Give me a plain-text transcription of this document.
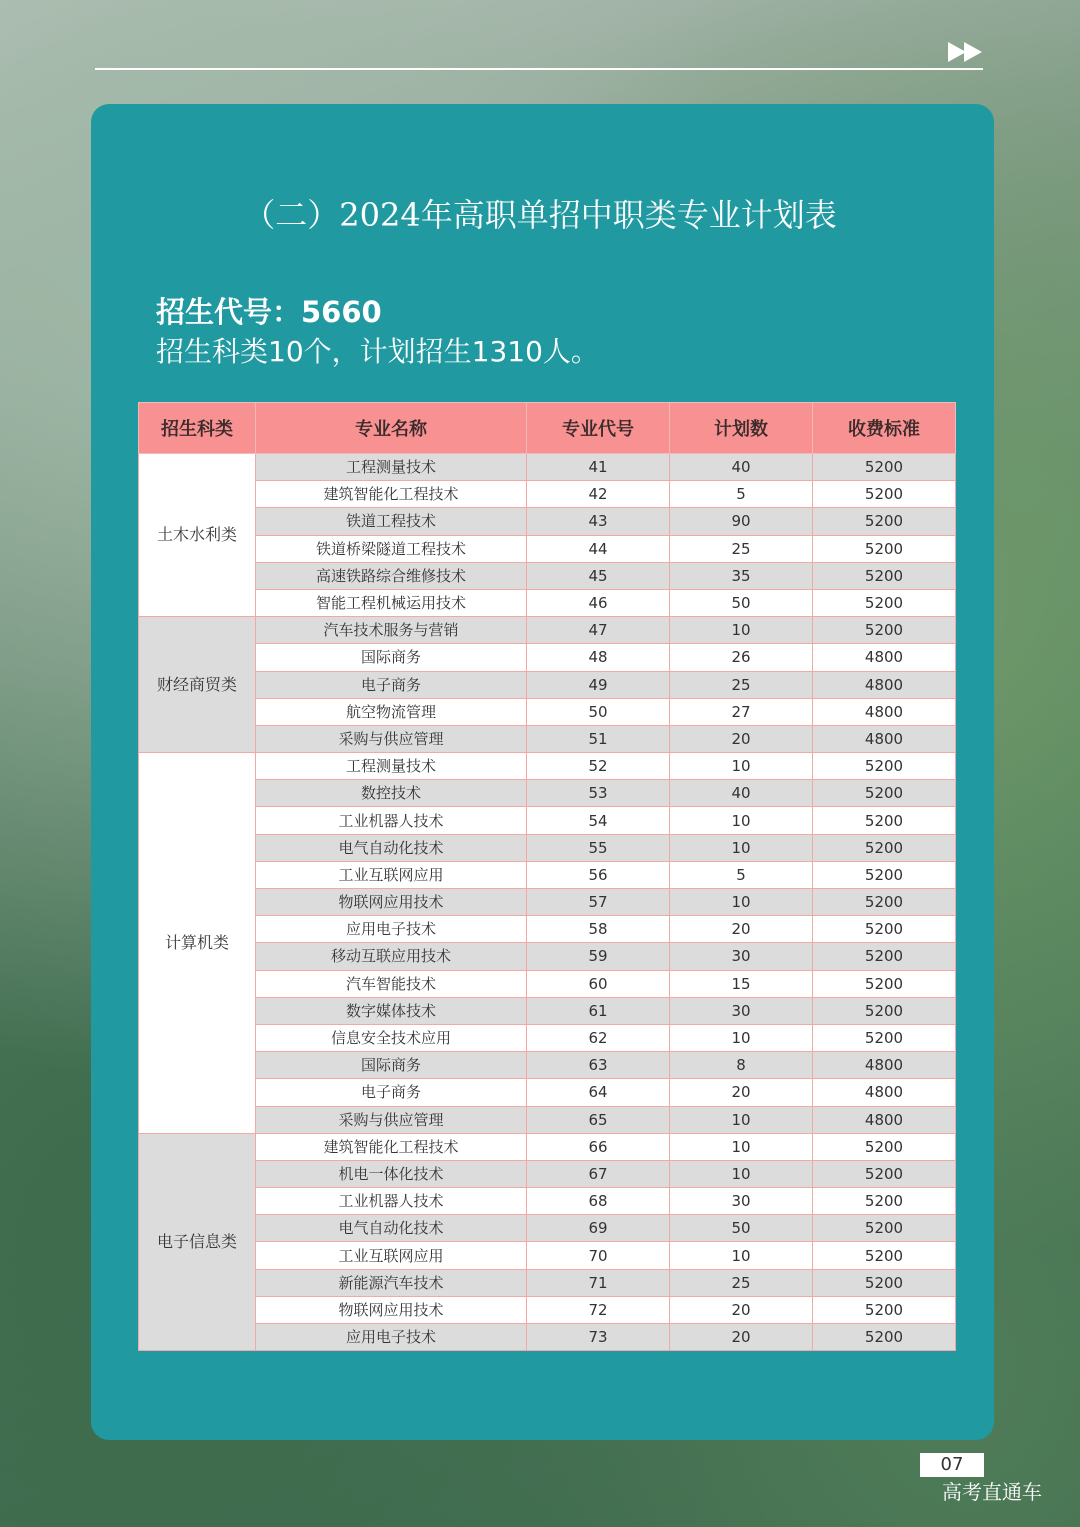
（二）2024年高职单招中职类专业计划表
招生代号：5660
招生科类10个，计划招生1310人。
招生科类	专业名称	专业代号	计划数	收费标准
土木水利类	工程测量技术	41	40	5200
	建筑智能化工程技术	42	5	5200
	铁道工程技术	43	90	5200
	铁道桥梁隧道工程技术	44	25	5200
	高速铁路综合维修技术	45	35	5200
	智能工程机械运用技术	46	50	5200
财经商贸类	汽车技术服务与营销	47	10	5200
	国际商务	48	26	4800
	电子商务	49	25	4800
	航空物流管理	50	27	4800
	采购与供应管理	51	20	4800
计算机类	工程测量技术	52	10	5200
	数控技术	53	40	5200
	工业机器人技术	54	10	5200
	电气自动化技术	55	10	5200
	工业互联网应用	56	5	5200
	物联网应用技术	57	10	5200
	应用电子技术	58	20	5200
	移动互联应用技术	59	30	5200
	汽车智能技术	60	15	5200
	数字媒体技术	61	30	5200
	信息安全技术应用	62	10	5200
	国际商务	63	8	4800
	电子商务	64	20	4800
	采购与供应管理	65	10	4800
电子信息类	建筑智能化工程技术	66	10	5200
	机电一体化技术	67	10	5200
	工业机器人技术	68	30	5200
	电气自动化技术	69	50	5200
	工业互联网应用	70	10	5200
	新能源汽车技术	71	25	5200
	物联网应用技术	72	20	5200
	应用电子技术	73	20	5200
07
高考直通车
